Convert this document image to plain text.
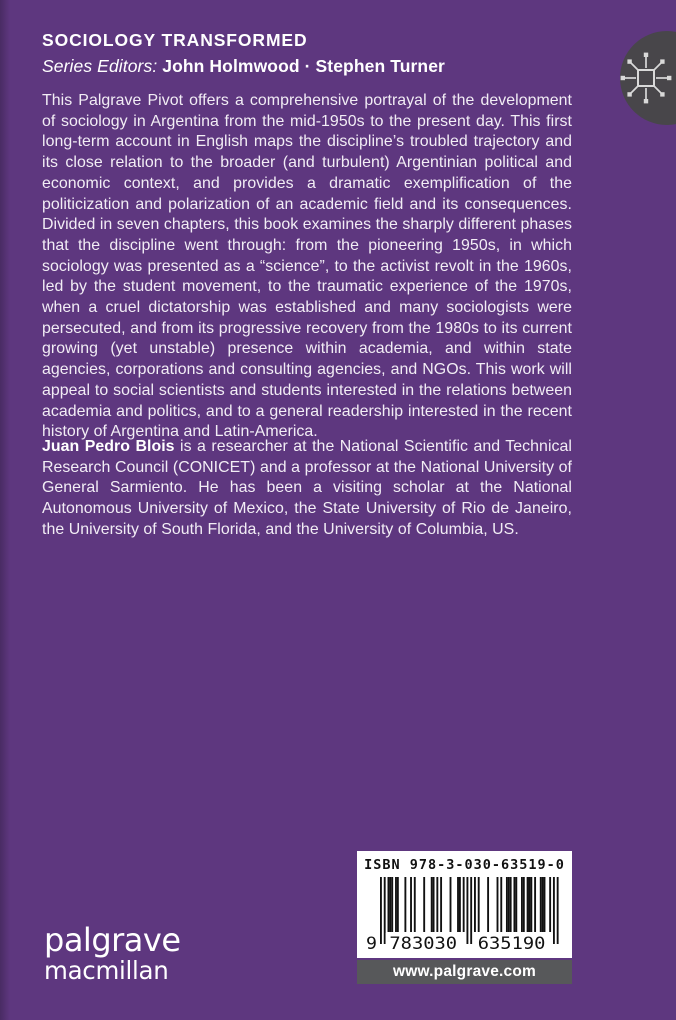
SOCIOLOGY TRANSFORMED
Series Editors: John Holmwood · Stephen Turner

This Palgrave Pivot offers a comprehensive portrayal of the development of sociology in Argentina from the mid-1950s to the present day. This first long-term account in English maps the discipline’s troubled trajectory and its close relation to the broader (and turbulent) Argentinian political and economic context, and provides a dramatic exemplification of the politicization and polarization of an academic field and its consequences. Divided in seven chapters, this book examines the sharply different phases that the discipline went through: from the pioneering 1950s, in which sociology was presented as a “science”, to the activist revolt in the 1960s, led by the student movement, to the traumatic experience of the 1970s, when a cruel dictatorship was established and many sociologists were persecuted, and from its progressive recovery from the 1980s to its current growing (yet unstable) presence within academia, and within state agencies, corporations and consulting agencies, and NGOs. This work will appeal to social scientists and students interested in the relations between academia and politics, and to a general readership interested in the recent history of Argentina and Latin-America.

Juan Pedro Blois is a researcher at the National Scientific and Technical Research Council (CONICET) and a professor at the National University of General Sarmiento. He has been a visiting scholar at the National Autonomous University of Mexico, the State University of Rio de Janeiro, the University of South Florida, and the University of Columbia, US.

palgrave
macmillan
ISBN 978-3-030-63519-0
9 783030 635190
www.palgrave.com
